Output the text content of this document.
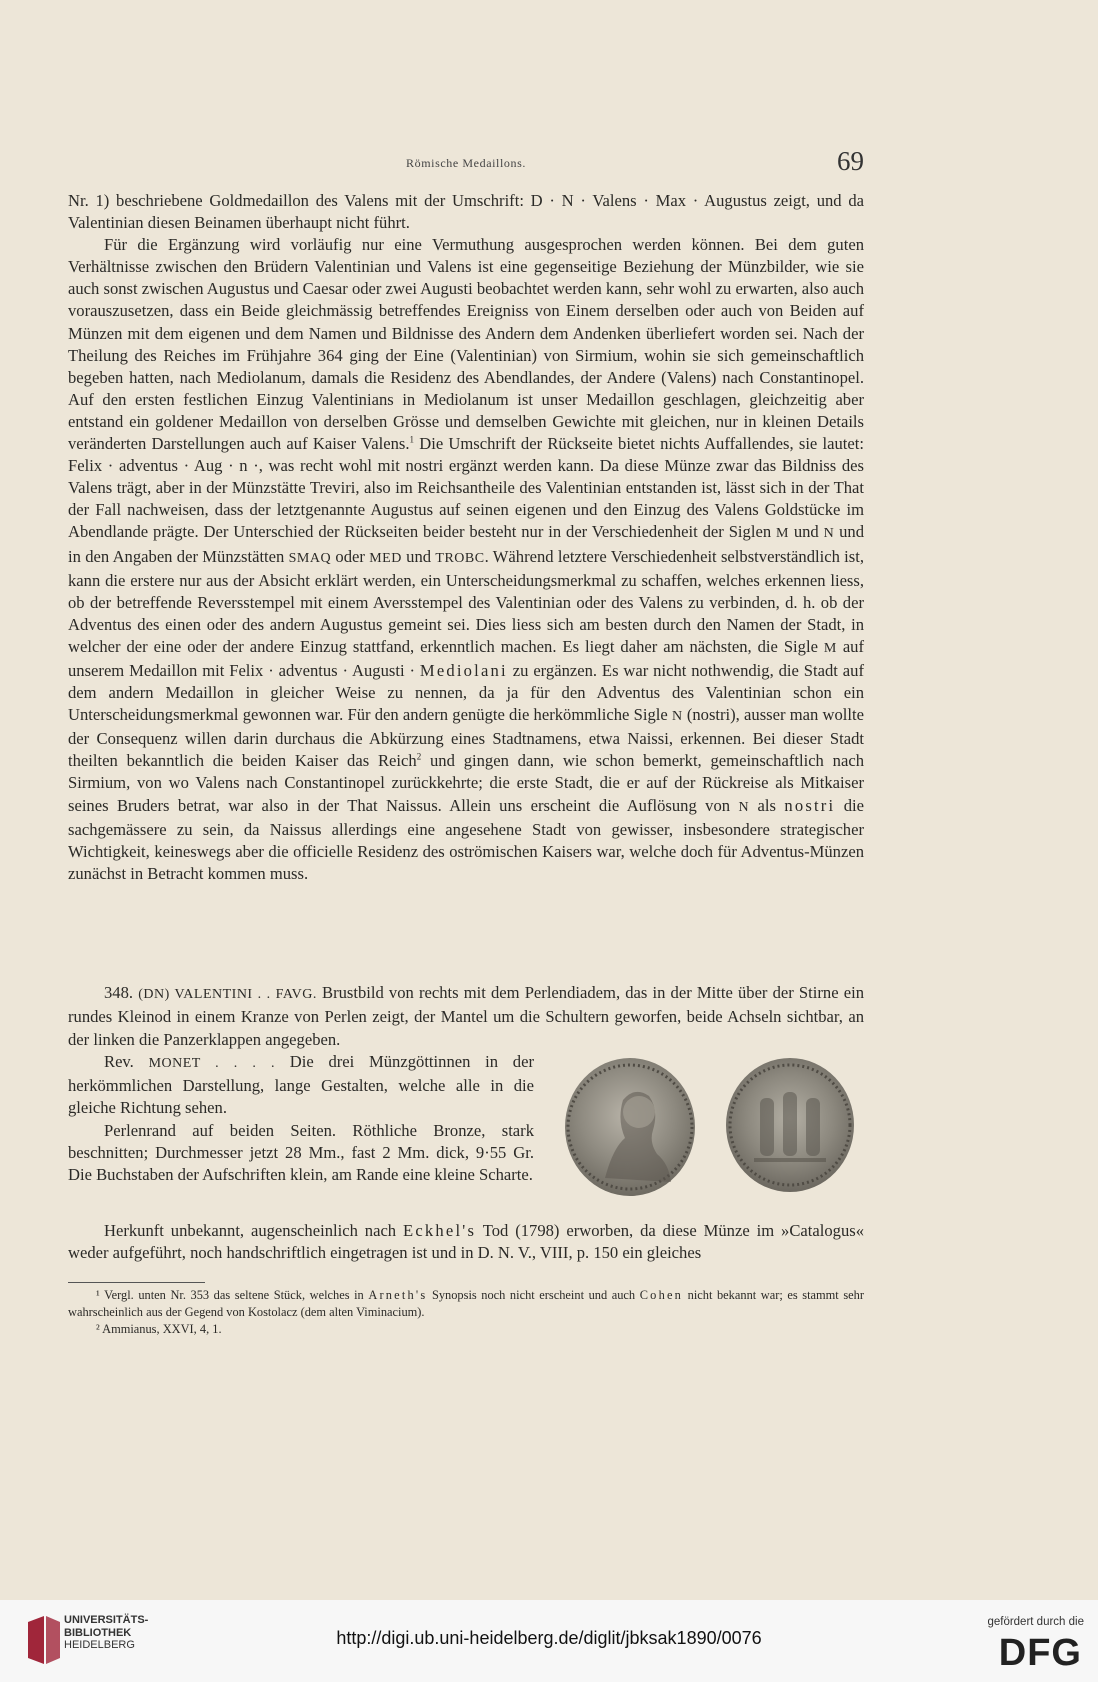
Römische Medaillons.	69

Nr. 1) beschriebene Goldmedaillon des Valens mit der Umschrift: D · N · Valens · Max · Augustus zeigt, und da Valentinian diesen Beinamen überhaupt nicht führt.

Für die Ergänzung wird vorläufig nur eine Vermuthung ausgesprochen werden können. Bei dem guten Verhältnisse zwischen den Brüdern Valentinian und Valens ist eine gegenseitige Beziehung der Münzbilder, wie sie auch sonst zwischen Augustus und Caesar oder zwei Augusti beobachtet werden kann, sehr wohl zu erwarten, also auch vorauszusetzen, dass ein Beide gleichmässig betreffendes Ereigniss von Einem derselben oder auch von Beiden auf Münzen mit dem eigenen und dem Namen und Bildnisse des Andern dem Andenken überliefert worden sei. Nach der Theilung des Reiches im Frühjahre 364 ging der Eine (Valentinian) von Sirmium, wohin sie sich gemeinschaftlich begeben hatten, nach Mediolanum, damals die Residenz des Abendlandes, der Andere (Valens) nach Constantinopel. Auf den ersten festlichen Einzug Valentinians in Mediolanum ist unser Medaillon geschlagen, gleichzeitig aber entstand ein goldener Medaillon von derselben Grösse und demselben Gewichte mit gleichen, nur in kleinen Details veränderten Darstellungen auch auf Kaiser Valens.$^1$ Die Umschrift der Rückseite bietet nichts Auffallendes, sie lautet: Felix · adventus · Aug · n ·, was recht wohl mit nostri ergänzt werden kann. Da diese Münze zwar das Bildniss des Valens trägt, aber in der Münzstätte Treviri, also im Reichsantheile des Valentinian entstanden ist, lässt sich in der That der Fall nachweisen, dass der letztgenannte Augustus auf seinen eigenen und den Einzug des Valens Goldstücke im Abendlande prägte. Der Unterschied der Rückseiten beider besteht nur in der Verschiedenheit der Siglen M und N und in den Angaben der Münzstätten SMAQ oder MED und TROBC. Während letztere Verschiedenheit selbstverständlich ist, kann die erstere nur aus der Absicht erklärt werden, ein Unterscheidungsmerkmal zu schaffen, welches erkennen liess, ob der betreffende Reversstempel mit einem Aversstempel des Valentinian oder des Valens zu verbinden, d. h. ob der Adventus des einen oder des andern Augustus gemeint sei. Dies liess sich am besten durch den Namen der Stadt, in welcher der eine oder der andere Einzug stattfand, erkenntlich machen. Es liegt daher am nächsten, die Sigle M auf unserem Medaillon mit Felix · adventus · Augusti · Mediolani zu ergänzen. Es war nicht nothwendig, die Stadt auf dem andern Medaillon in gleicher Weise zu nennen, da ja für den Adventus des Valentinian schon ein Unterscheidungsmerkmal gewonnen war. Für den andern genügte die herkömmliche Sigle N (nostri), ausser man wollte der Consequenz willen darin durchaus die Abkürzung eines Stadtnamens, etwa Naissi, erkennen. Bei dieser Stadt theilten bekanntlich die beiden Kaiser das Reich$^2$ und gingen dann, wie schon bemerkt, gemeinschaftlich nach Sirmium, von wo Valens nach Constantinopel zurückkehrte; die erste Stadt, die er auf der Rückreise als Mitkaiser seines Bruders betrat, war also in der That Naissus. Allein uns erscheint die Auflösung von N als nostri die sachgemässere zu sein, da Naissus allerdings eine angesehene Stadt von gewisser, insbesondere strategischer Wichtigkeit, keineswegs aber die officielle Residenz des oströmischen Kaisers war, welche doch für Adventus-Münzen zunächst in Betracht kommen muss.

348. (DN) VALENTINI . . FAVG. Brustbild von rechts mit dem Perlendiadem, das in der Mitte über der Stirne ein rundes Kleinod in einem Kranze von Perlen zeigt, der Mantel um die Schultern geworfen, beide Achseln sichtbar, an der linken die Panzerklappen angegeben.

Rev. MONET . . . . Die drei Münzgöttinnen in der herkömmlichen Darstellung, lange Gestalten, welche alle in die gleiche Richtung sehen.

Perlenrand auf beiden Seiten. Röthliche Bronze, stark beschnitten; Durchmesser jetzt 28 Mm., fast 2 Mm. dick, 9·55 Gr. Die Buchstaben der Aufschriften klein, am Rande eine kleine Scharte.

Herkunft unbekannt, augenscheinlich nach Eckhel's Tod (1798) erworben, da diese Münze im »Catalogus« weder aufgeführt, noch handschriftlich eingetragen ist und in D. N. V., VIII, p. 150 ein gleiches

¹ Vergl. unten Nr. 353 das seltene Stück, welches in Arneth's Synopsis noch nicht erscheint und auch Cohen nicht bekannt war; es stammt sehr wahrscheinlich aus der Gegend von Kostolacz (dem alten Viminacium).

² Ammianus, XXVI, 4, 1.

UNIVERSITÄTS-
BIBLIOTHEK
HEIDELBERG	http://digi.ub.uni-heidelberg.de/diglit/jbksak1890/0076
gefördert durch die
DFG
